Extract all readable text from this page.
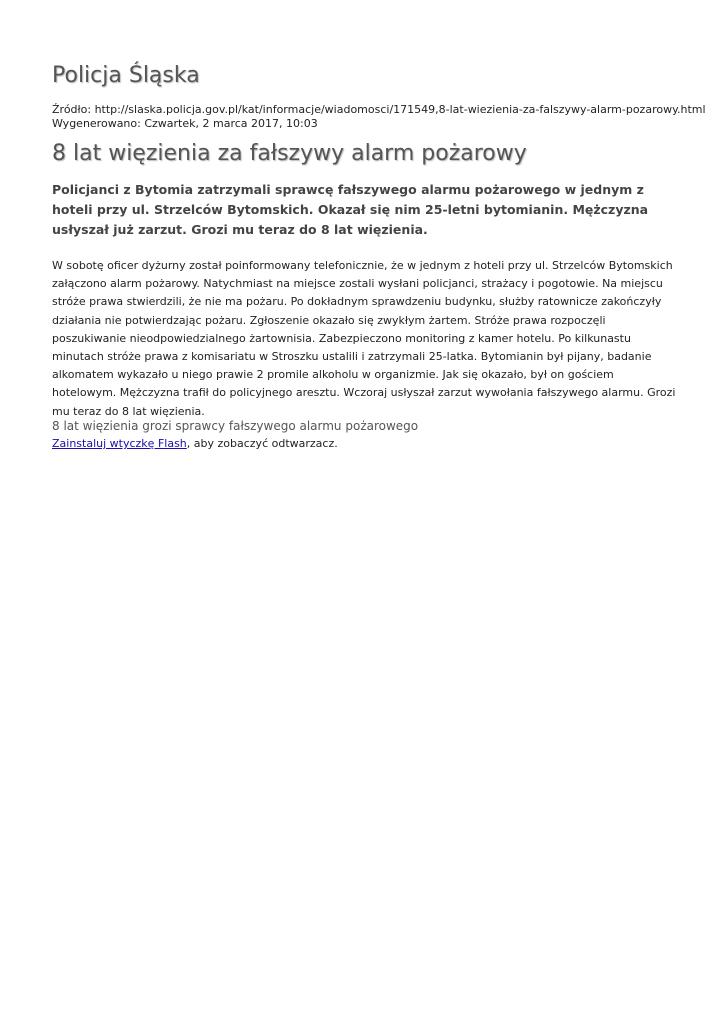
Policja Śląska
Źródło: http://slaska.policja.gov.pl/kat/informacje/wiadomosci/171549,8-lat-wiezienia-za-falszywy-alarm-pozarowy.html
Wygenerowano: Czwartek, 2 marca 2017, 10:03
8 lat więzienia za fałszywy alarm pożarowy

Policjanci z Bytomia zatrzymali sprawcę fałszywego alarmu pożarowego w jednym z hoteli przy ul. Strzelców Bytomskich. Okazał się nim 25-letni bytomianin. Mężczyzna usłyszał już zarzut. Grozi mu teraz do 8 lat więzienia.

W sobotę oficer dyżurny został poinformowany telefonicznie, że w jednym z hoteli przy ul. Strzelców Bytomskich załączono alarm pożarowy. Natychmiast na miejsce zostali wysłani policjanci, strażacy i pogotowie. Na miejscu stróże prawa stwierdzili, że nie ma pożaru. Po dokładnym sprawdzeniu budynku, służby ratownicze zakończyły działania nie potwierdzając pożaru. Zgłoszenie okazało się zwykłym żartem. Stróże prawa rozpoczęli poszukiwanie nieodpowiedzialnego żartownisia. Zabezpieczono monitoring z kamer hotelu. Po kilkunastu minutach stróże prawa z komisariatu w Stroszku ustalili i zatrzymali 25-latka. Bytomianin był pijany, badanie alkomatem wykazało u niego prawie 2 promile alkoholu w organizmie. Jak się okazało, był on gościem hotelowym. Mężczyzna trafił do policyjnego aresztu. Wczoraj usłyszał zarzut wywołania fałszywego alarmu. Grozi mu teraz do 8 lat więzienia.

8 lat więzienia grozi sprawcy fałszywego alarmu pożarowego

Zainstaluj wtyczkę Flash, aby zobaczyć odtwarzacz.
